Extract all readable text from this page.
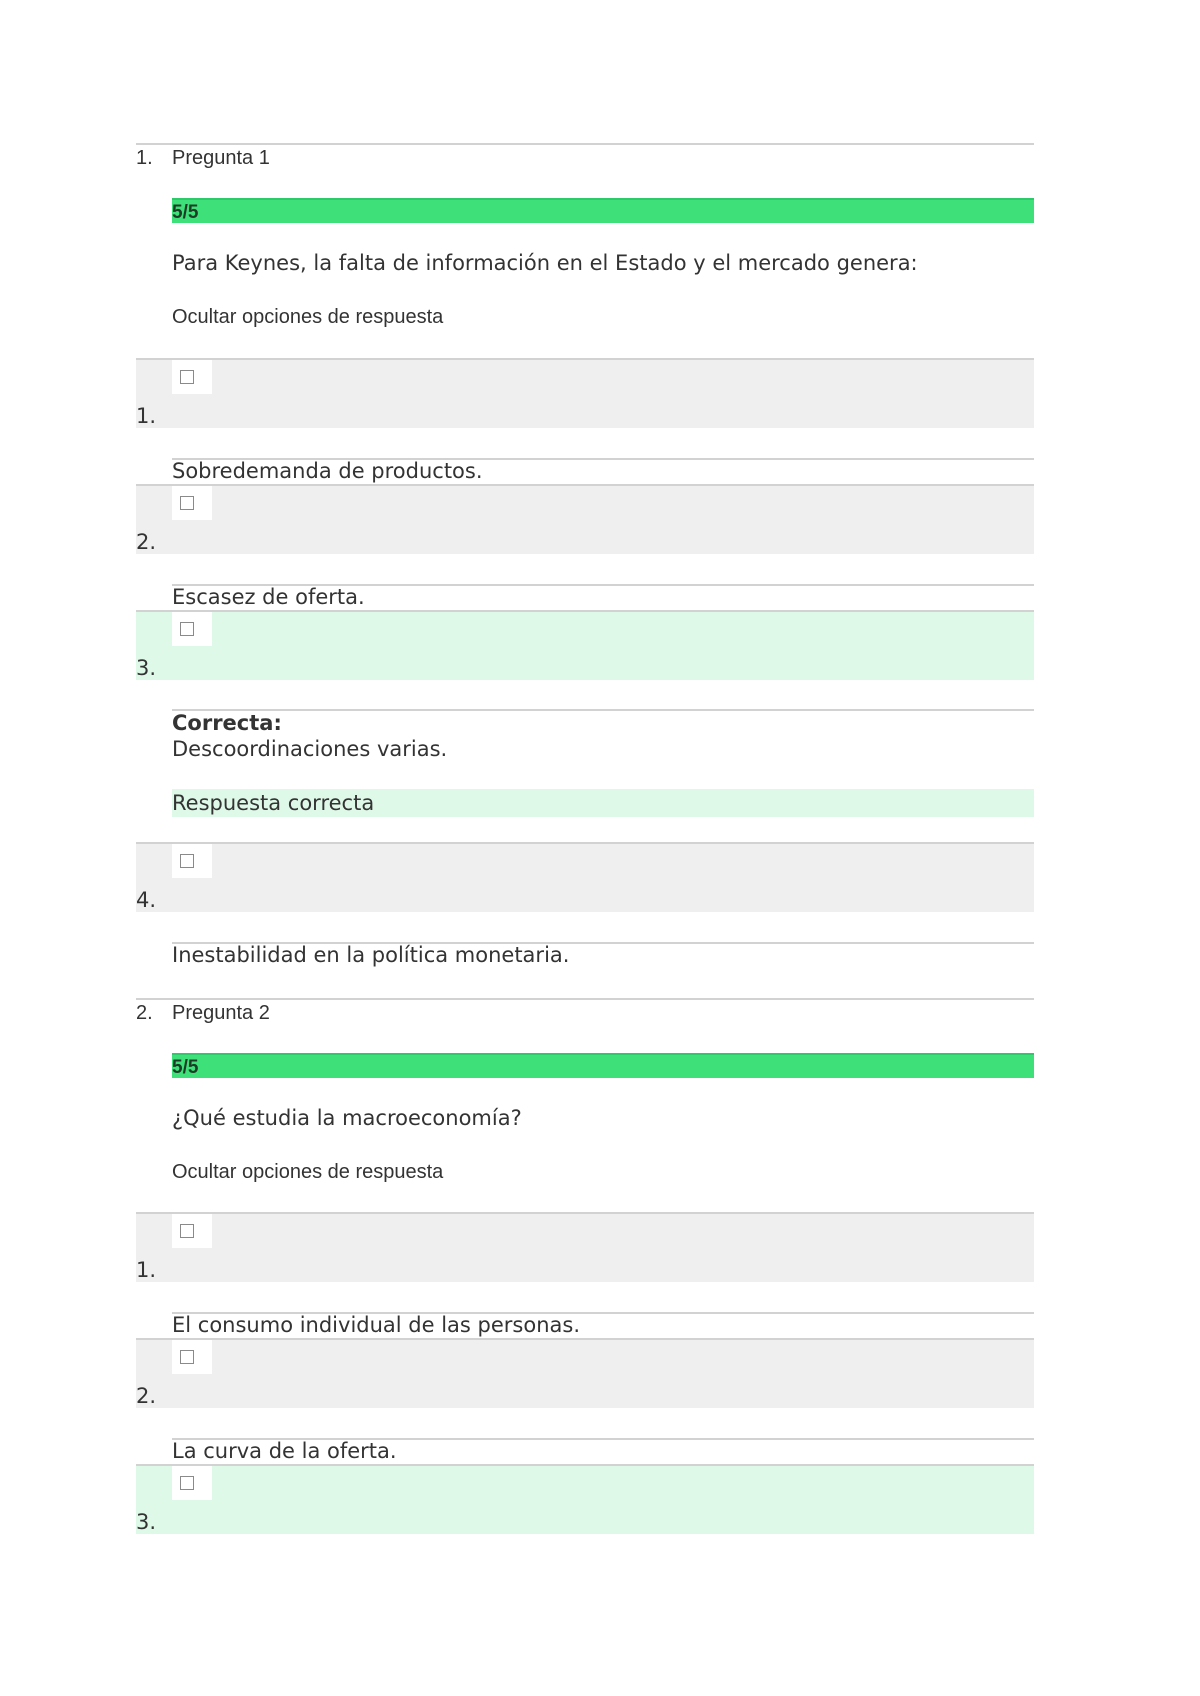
1. Pregunta 1
5/5
Para Keynes, la falta de información en el Estado y el mercado genera:
Ocultar opciones de respuesta
1.
Sobredemanda de productos.
2.
Escasez de oferta.
3.
Correcta:
Descoordinaciones varias.
Respuesta correcta
4.
Inestabilidad en la política monetaria.
2. Pregunta 2
5/5
¿Qué estudia la macroeconomía?
Ocultar opciones de respuesta
1.
El consumo individual de las personas.
2.
La curva de la oferta.
3.
